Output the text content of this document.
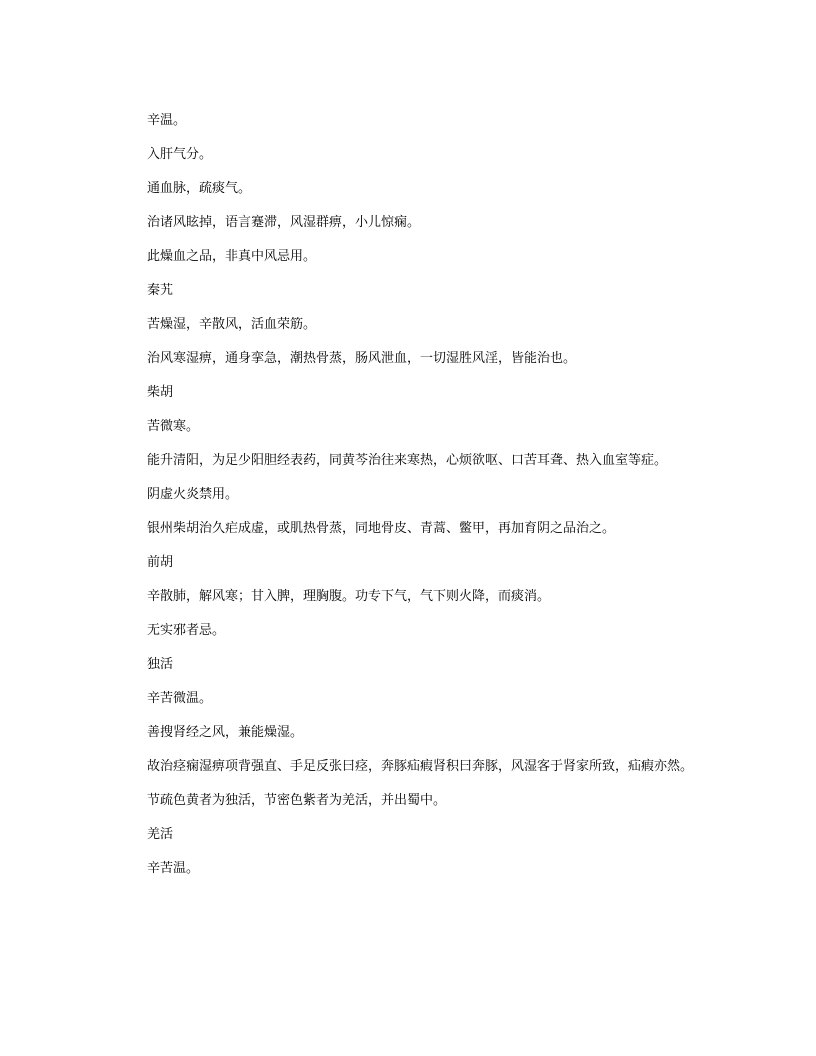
辛温。

入肝气分。

通血脉，疏痰气。

治诸风眩掉，语言蹇滞，风湿群痹，小儿惊痫。

此燥血之品，非真中风忌用。

秦艽

苦燥湿，辛散风，活血荣筋。

治风寒湿痹，通身挛急，潮热骨蒸，肠风泄血，一切湿胜风淫，皆能治也。

柴胡

苦微寒。

能升清阳，为足少阳胆经表药，同黄芩治往来寒热，心烦欲呕、口苦耳聋、热入血室等症。

阴虚火炎禁用。

银州柴胡治久疟成虚，或肌热骨蒸，同地骨皮、青蒿、鳖甲，再加育阴之品治之。

前胡

辛散肺，解风寒；甘入脾，理胸腹。功专下气，气下则火降，而痰消。

无实邪者忌。

独活

辛苦微温。

善搜肾经之风，兼能燥湿。

故治痉痫湿痹项背强直、手足反张曰痉，奔豚疝瘕肾积曰奔豚，风湿客于肾家所致，疝瘕亦然。

节疏色黄者为独活，节密色紫者为羌活，并出蜀中。

羌活

辛苦温。
